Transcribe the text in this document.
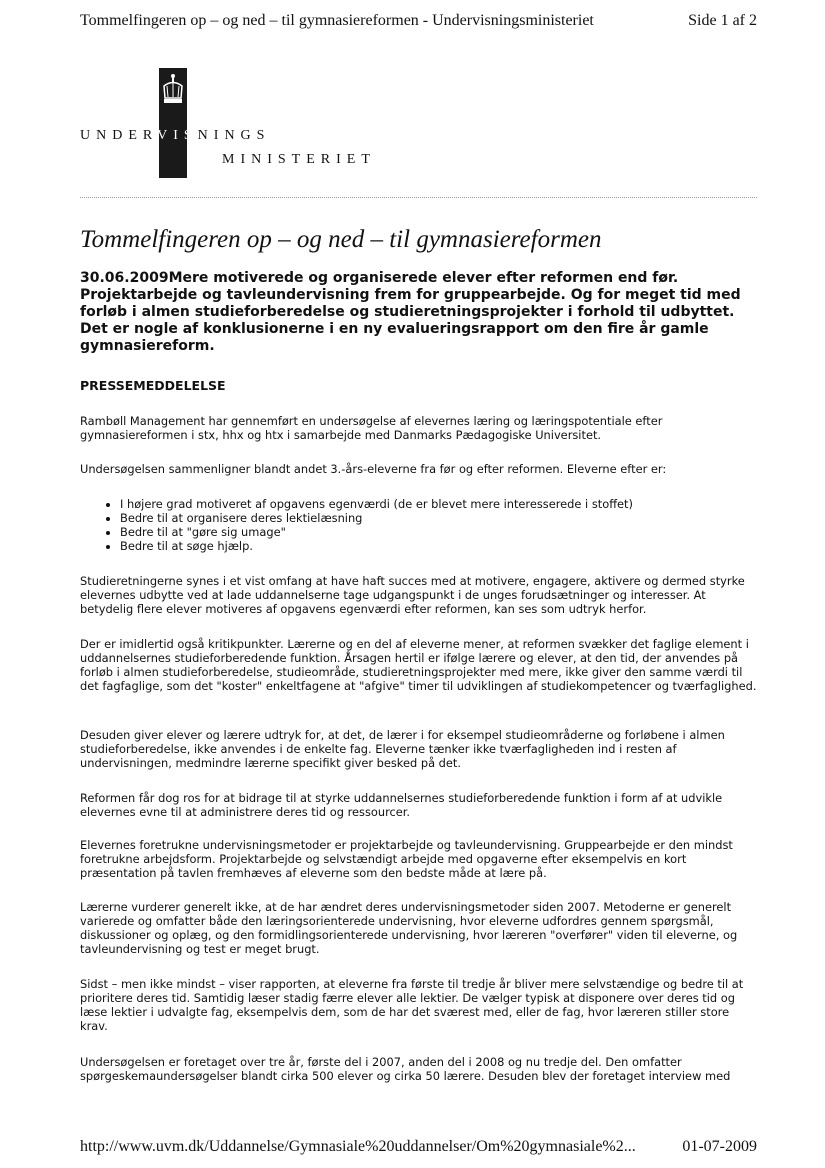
Tommelfingeren op – og ned – til gymnasiereformen - Undervisningsministeriet	Side 1 af 2
UNDERVISNINGS
MINISTERIET
Tommelfingeren op – og ned – til gymnasiereformen

30.06.2009Mere motiverede og organiserede elever efter reformen end før. Projektarbejde og tavleundervisning frem for gruppearbejde. Og for meget tid med forløb i almen studieforberedelse og studieretningsprojekter i forhold til udbyttet. Det er nogle af konklusionerne i en ny evalueringsrapport om den fire år gamle gymnasiereform.

PRESSEMEDDELELSE

Rambøll Management har gennemført en undersøgelse af elevernes læring og læringspotentiale efter gymnasiereformen i stx, hhx og htx i samarbejde med Danmarks Pædagogiske Universitet.

Undersøgelsen sammenligner blandt andet 3.-års-eleverne fra før og efter reformen. Eleverne efter er:

• I højere grad motiveret af opgavens egenværdi (de er blevet mere interesserede i stoffet)
• Bedre til at organisere deres lektielæsning
• Bedre til at "gøre sig umage"
• Bedre til at søge hjælp.

Studieretningerne synes i et vist omfang at have haft succes med at motivere, engagere, aktivere og dermed styrke elevernes udbytte ved at lade uddannelserne tage udgangspunkt i de unges forudsætninger og interesser. At betydelig flere elever motiveres af opgavens egenværdi efter reformen, kan ses som udtryk herfor.

Der er imidlertid også kritikpunkter. Lærerne og en del af eleverne mener, at reformen svækker det faglige element i uddannelsernes studieforberedende funktion. Årsagen hertil er ifølge lærere og elever, at den tid, der anvendes på forløb i almen studieforberedelse, studieområde, studieretningsprojekter med mere, ikke giver den samme værdi til det fagfaglige, som det "koster" enkeltfagene at "afgive" timer til udviklingen af studiekompetencer og tværfaglighed.

Desuden giver elever og lærere udtryk for, at det, de lærer i for eksempel studieområderne og forløbene i almen studieforberedelse, ikke anvendes i de enkelte fag. Eleverne tænker ikke tværfagligheden ind i resten af undervisningen, medmindre lærerne specifikt giver besked på det.

Reformen får dog ros for at bidrage til at styrke uddannelsernes studieforberedende funktion i form af at udvikle elevernes evne til at administrere deres tid og ressourcer.

Elevernes foretrukne undervisningsmetoder er projektarbejde og tavleundervisning. Gruppearbejde er den mindst foretrukne arbejdsform. Projektarbejde og selvstændigt arbejde med opgaverne efter eksempelvis en kort præsentation på tavlen fremhæves af eleverne som den bedste måde at lære på.

Lærerne vurderer generelt ikke, at de har ændret deres undervisningsmetoder siden 2007. Metoderne er generelt varierede og omfatter både den læringsorienterede undervisning, hvor eleverne udfordres gennem spørgsmål, diskussioner og oplæg, og den formidlingsorienterede undervisning, hvor læreren "overfører" viden til eleverne, og tavleundervisning og test er meget brugt.

Sidst – men ikke mindst – viser rapporten, at eleverne fra første til tredje år bliver mere selvstændige og bedre til at prioritere deres tid. Samtidig læser stadig færre elever alle lektier. De vælger typisk at disponere over deres tid og læse lektier i udvalgte fag, eksempelvis dem, som de har det sværest med, eller de fag, hvor læreren stiller store krav.

Undersøgelsen er foretaget over tre år, første del i 2007, anden del i 2008 og nu tredje del. Den omfatter spørgeskemaundersøgelser blandt cirka 500 elever og cirka 50 lærere. Desuden blev der foretaget interview med

http://www.uvm.dk/Uddannelse/Gymnasiale%20uddannelser/Om%20gymnasiale%2...	01-07-2009
